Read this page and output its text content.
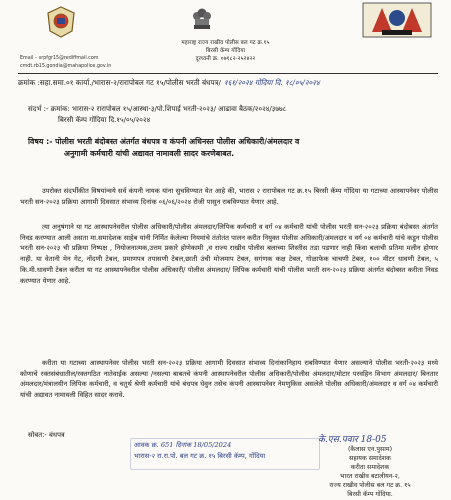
महाराष्ट्र राज्य राखीव पोलीस बल गट क्र.१५
बिरसी कॅम्प गोंदिया
दूरध्वनी क्र. ०७१८२-२५२४२२
Email – srpfgr15@rediffmail.com
cmdt.rb15.gondia@mahapolice.gov.in
क्रमांक :सहा.समा.०१ कार्या./भारास-२/रारापोबल गट १५/पोलीस भरती बंधपत्र/ १६१/२०२४ गोंदिया दि. १८/०५/२०२४
संदर्भ :- क्रमांक: भारास-२ रारापोबल १५/आस्था-३/पो.शिपाई भरती-२०२३/ आढावा बैठक/२०२४/३७७८
बिरसी कॅम्प गोंदिया दि.१५/०५/२०२४
विषय :- पोलीस भरती बंदोबस्त अंतर्गत बंधपत्र व कंपनी अधिनस्त पोलीस अधिकारी/अंमलदार व
अनुगामी कर्मचारी यांची अद्यावत नामावली सादर करणेबाबत.
उपरोक्त संदर्भीकीत विषयांन्वये सर्व कंपनी नायक यांना सुचविण्यात येत आहे की, भारास २ रारापोबल गट क्र.१५ बिरसी कॅम्प गोंदिया या गटाच्या आस्थापनेवर पोलीस भरती सन-२०२३ प्रक्रिया आगामी दिवसात संभाव्य दिनांक ०६/०६/२०२४ रोजी पासुन राबविण्यात येणार आहे.
त्या अनुषंगाने या गट आस्थापनेवरील पोलीस अधिकारी/पोलीस अंमलदार/लिपिक कर्मचारी व वर्ग ०४ कर्मचारी यांची पोलीस भरती सन-२०२३ प्रक्रिया बंदोबस्त अंतर्गत निवड करण्यात आली असता मा.समादेशक साहेब यांनी निर्मित केलेल्या नियमांचे तंतोतंत पालन करीत नियुक्त पोलीस अधिकारी/अंमलदार व वर्ग ०४ कर्मचारी यांचे कडून पोलीस भरती सन-२०२३ ची प्रक्रिया निष्पक्ष , नियोजनात्मक,उत्तम प्रकारे होणेकामी ,व राज्य राखीव पोलीस बलाच्या शिस्तीस तडा पडणार नाही किंवा बलाची प्रतिमा मलीन होणार नाही. या वेतानी मेन गेट, नोंदणी टेबल, प्रमाणपत्र तपासणी टेबल,छाती उंची मोजमाप टेबल, सगंणक कक्ष टेबल, गोळाफेक चाचणी टेबल, १०० मीटर धावणी टेबल, ५ कि.मी.धावणी टेबल करीता या गट आस्थापनेवरील पोलीस अधिकारी/ पोलीस अंमलदार/ लिपिक कर्मचारी यांची पोलीस भरती सन-२०२३ प्रक्रिया अंतर्गत बंदोबस्त करीता निवड करण्यात येणार आहे.
करीता या गटाच्या आस्थापनेवर पोलीस भरती सन-२०२३ प्रक्रिया आगामी दिवसात संभाव्य दिनांकानिहाय राबविण्यात येणार असल्याने पोलीस भरती-२०२३ मध्ये कोणाचे रक्तसंबंधातील/रक्तगठित नातेवाईक असल्या /नसल्या बाबतचे कंपनी आस्थापनेवरील पोलीस अधिकारी/पोलीस अंमलदार/मोटार परवहिन विभाग अंमलदार/ बिनतार अंमलदार/मंत्रालयीन लिपिक कर्मचारी, व चतुर्थ श्रेणी कर्मचारी यांचे बंधपत्र घेवुन तसेच कंपनी आस्थापनेवर नेमणुकिस असलेले पोलीस अधिकारी/अंमलदार व वर्ग ०४ कर्मचारी यांची अद्यावत नामावली विहित सादर करावे.
सोबत:- बंधपत्र
आवक क्र. 651 दिनांक 18/05/2024
भारास-२ रा.रा.पो. बल गट क्र. १५ बिरसी कॅम्प, गोंदिया
के.एस.पवार 18-05
(कैलास एन.पुसाम)
सहायक समादेशक
करीता समादेशक
भारत राखीव बटालीयन-२,
राज्य राखीव पोलीस बल गट क्र. १५
बिरसी कॅम्प गोंदिया.
